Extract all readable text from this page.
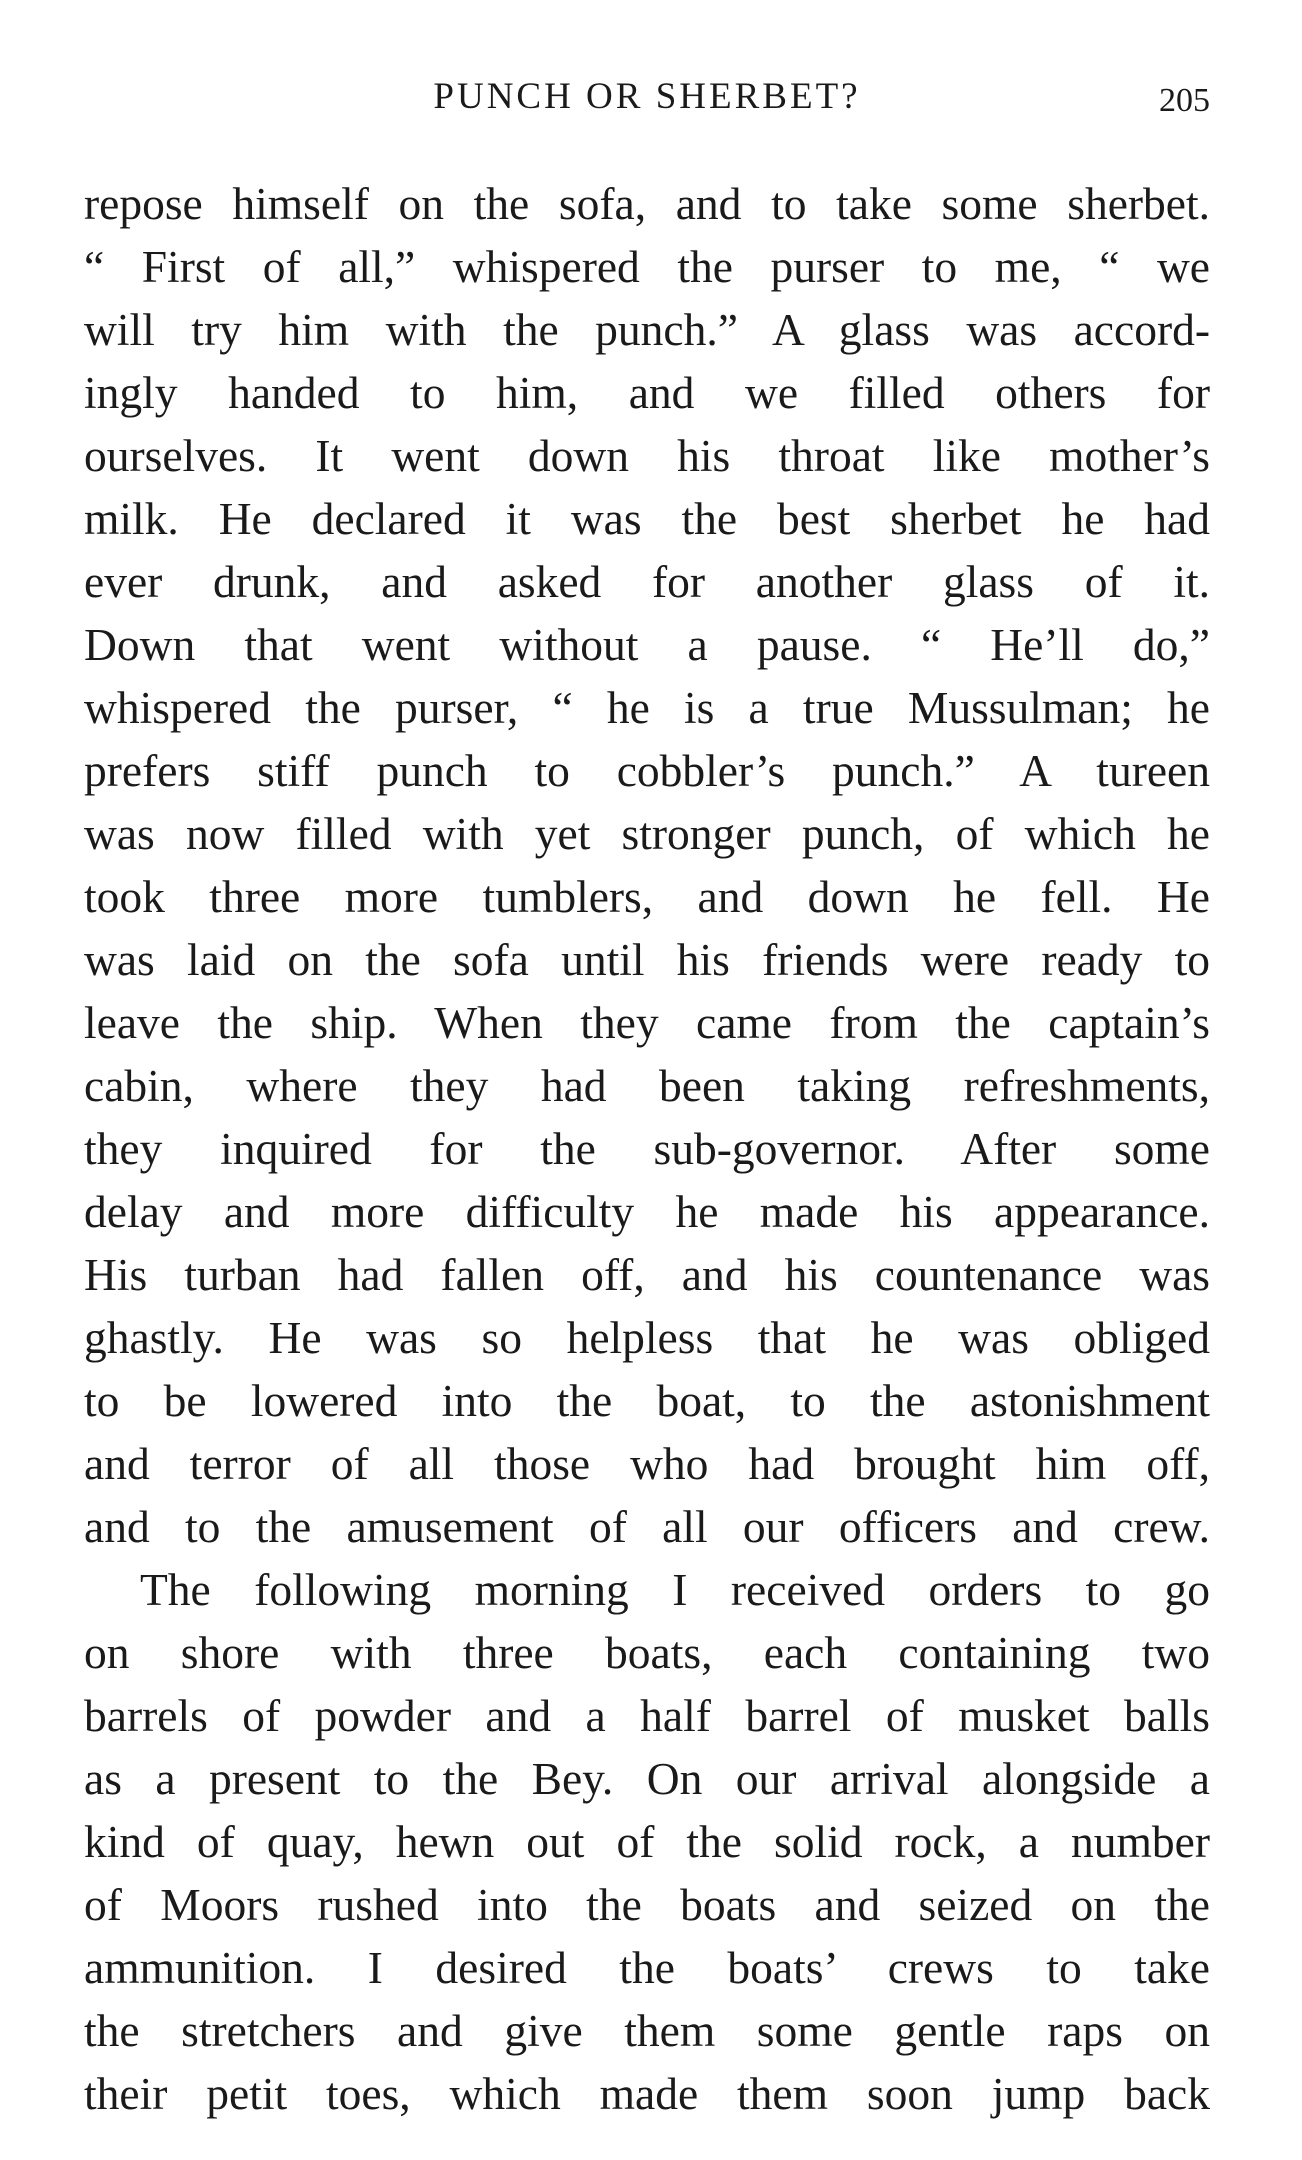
PUNCH OR SHERBET?	205
repose himself on the sofa, and to take some sherbet.
“ First of all,” whispered the purser to me, “ we
will try him with the punch.” A glass was accord-
ingly handed to him, and we filled others for
ourselves. It went down his throat like mother’s
milk. He declared it was the best sherbet he had
ever drunk, and asked for another glass of it.
Down that went without a pause. “ He’ll do,”
whispered the purser, “ he is a true Mussulman; he
prefers stiff punch to cobbler’s punch.” A tureen
was now filled with yet stronger punch, of which he
took three more tumblers, and down he fell. He
was laid on the sofa until his friends were ready to
leave the ship. When they came from the captain’s
cabin, where they had been taking refreshments,
they inquired for the sub-governor. After some
delay and more difficulty he made his appearance.
His turban had fallen off, and his countenance was
ghastly. He was so helpless that he was obliged
to be lowered into the boat, to the astonishment
and terror of all those who had brought him off,
and to the amusement of all our officers and crew.
The following morning I received orders to go
on shore with three boats, each containing two
barrels of powder and a half barrel of musket balls
as a present to the Bey. On our arrival alongside a
kind of quay, hewn out of the solid rock, a number
of Moors rushed into the boats and seized on the
ammunition. I desired the boats’ crews to take
the stretchers and give them some gentle raps on
their petit toes, which made them soon jump back
